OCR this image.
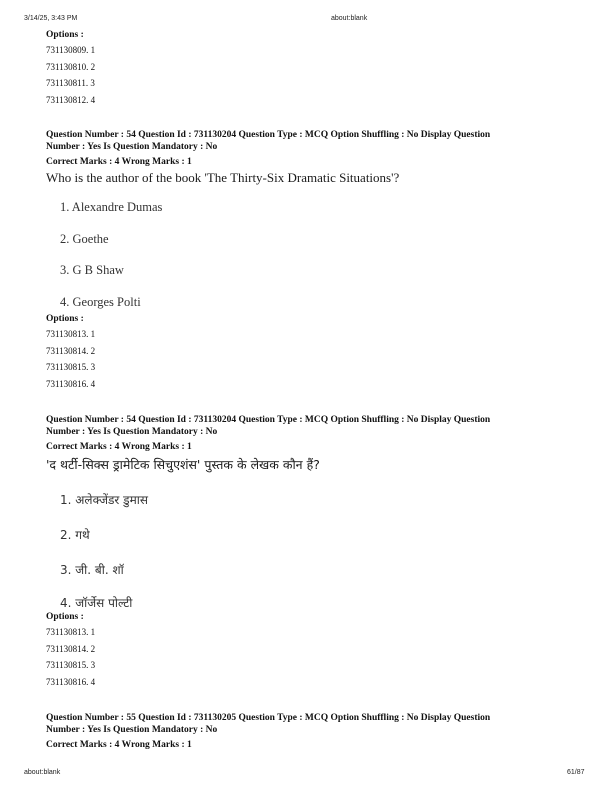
3/14/25, 3:43 PM	about:blank
Options :
731130809. 1
731130810. 2
731130811. 3
731130812. 4
Question Number : 54 Question Id : 731130204 Question Type : MCQ Option Shuffling : No Display Question
Number : Yes Is Question Mandatory : No
Correct Marks : 4 Wrong Marks : 1
Who is the author of the book 'The Thirty-Six Dramatic Situations'?
1. Alexandre Dumas
2. Goethe
3. G B Shaw
4. Georges Polti
Options :
731130813. 1
731130814. 2
731130815. 3
731130816. 4
Question Number : 54 Question Id : 731130204 Question Type : MCQ Option Shuffling : No Display Question
Number : Yes Is Question Mandatory : No
Correct Marks : 4 Wrong Marks : 1
'द थर्टी-सिक्स ड्रामेटिक सिचुएशंस' पुस्तक के लेखक कौन हैं?
1. अलेक्जेंडर डुमास
2. गथे
3. जी. बी. शॉ
4. जॉर्जेस पोल्टी
Options :
731130813. 1
731130814. 2
731130815. 3
731130816. 4
Question Number : 55 Question Id : 731130205 Question Type : MCQ Option Shuffling : No Display Question
Number : Yes Is Question Mandatory : No
Correct Marks : 4 Wrong Marks : 1
about:blank	61/87
